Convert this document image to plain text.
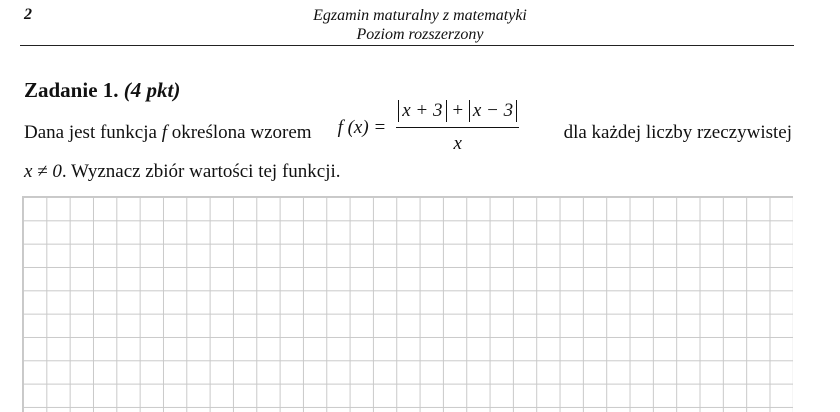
2	Egzamin maturalny z matematyki
Poziom rozszerzony
Zadanie 1. (4 pkt)
Dana jest funkcja f określona wzorem f $(x) = \frac{x + 3 + x - 3}{x}$ dla każdej liczby rzeczywistej
x ≠ 0. Wyznacz zbiór wartości tej funkcji.
